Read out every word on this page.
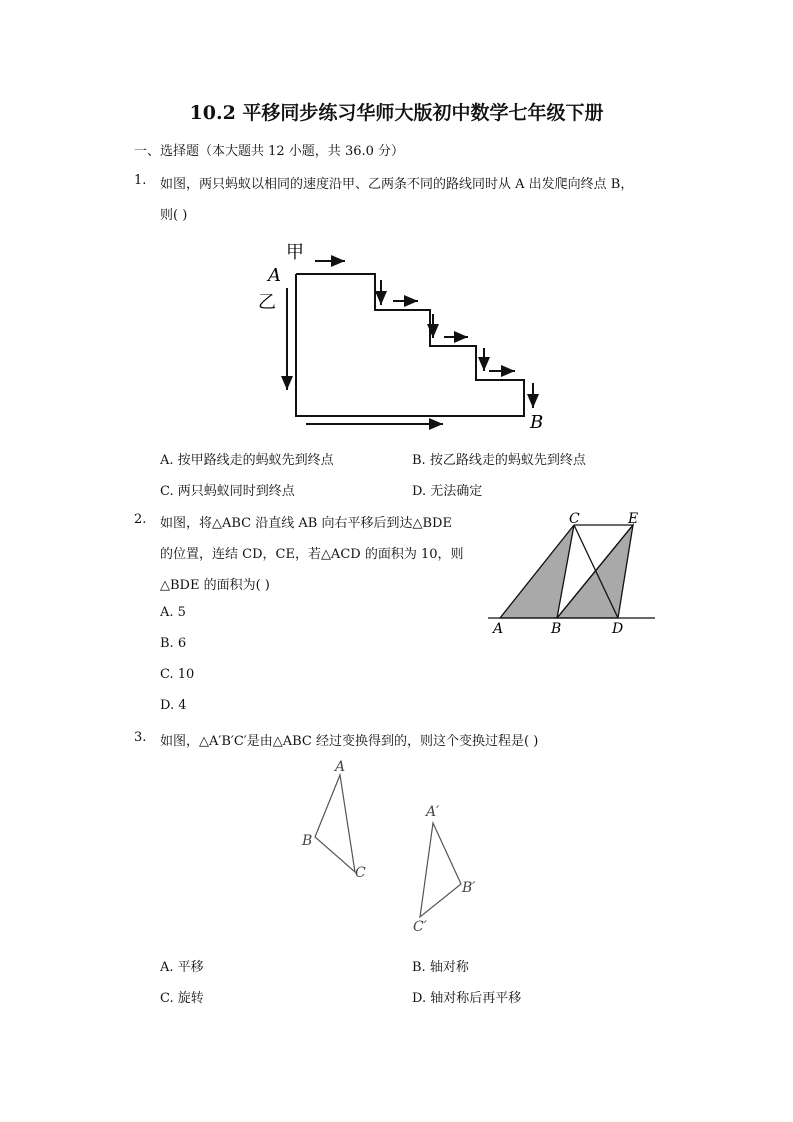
10.2 平移同步练习华师大版初中数学七年级下册
一、选择题（本大题共 12 小题，共 36.0 分）
1. 如图，两只蚂蚁以相同的速度沿甲、乙两条不同的路线同时从 A 出发爬向终点 B，
则( )
甲
A
乙
B
A. 按甲路线走的蚂蚁先到终点	B. 按乙路线走的蚂蚁先到终点
C. 两只蚂蚁同时到终点	D. 无法确定
2. 如图，将△ABC 沿直线 AB 向右平移后到达△BDE
的位置，连结 CD，CE，若△ACD 的面积为 10，则
△BDE 的面积为( )
A	B
C
D
E
A. 5
B. 6
C. 10
D. 4
3. 如图，△A′B′C′是由△ABC 经过变换得到的，则这个变换过程是( )
A
B
C
A′
B′
C′
A. 平移	B. 轴对称
C. 旋转	D. 轴对称后再平移
